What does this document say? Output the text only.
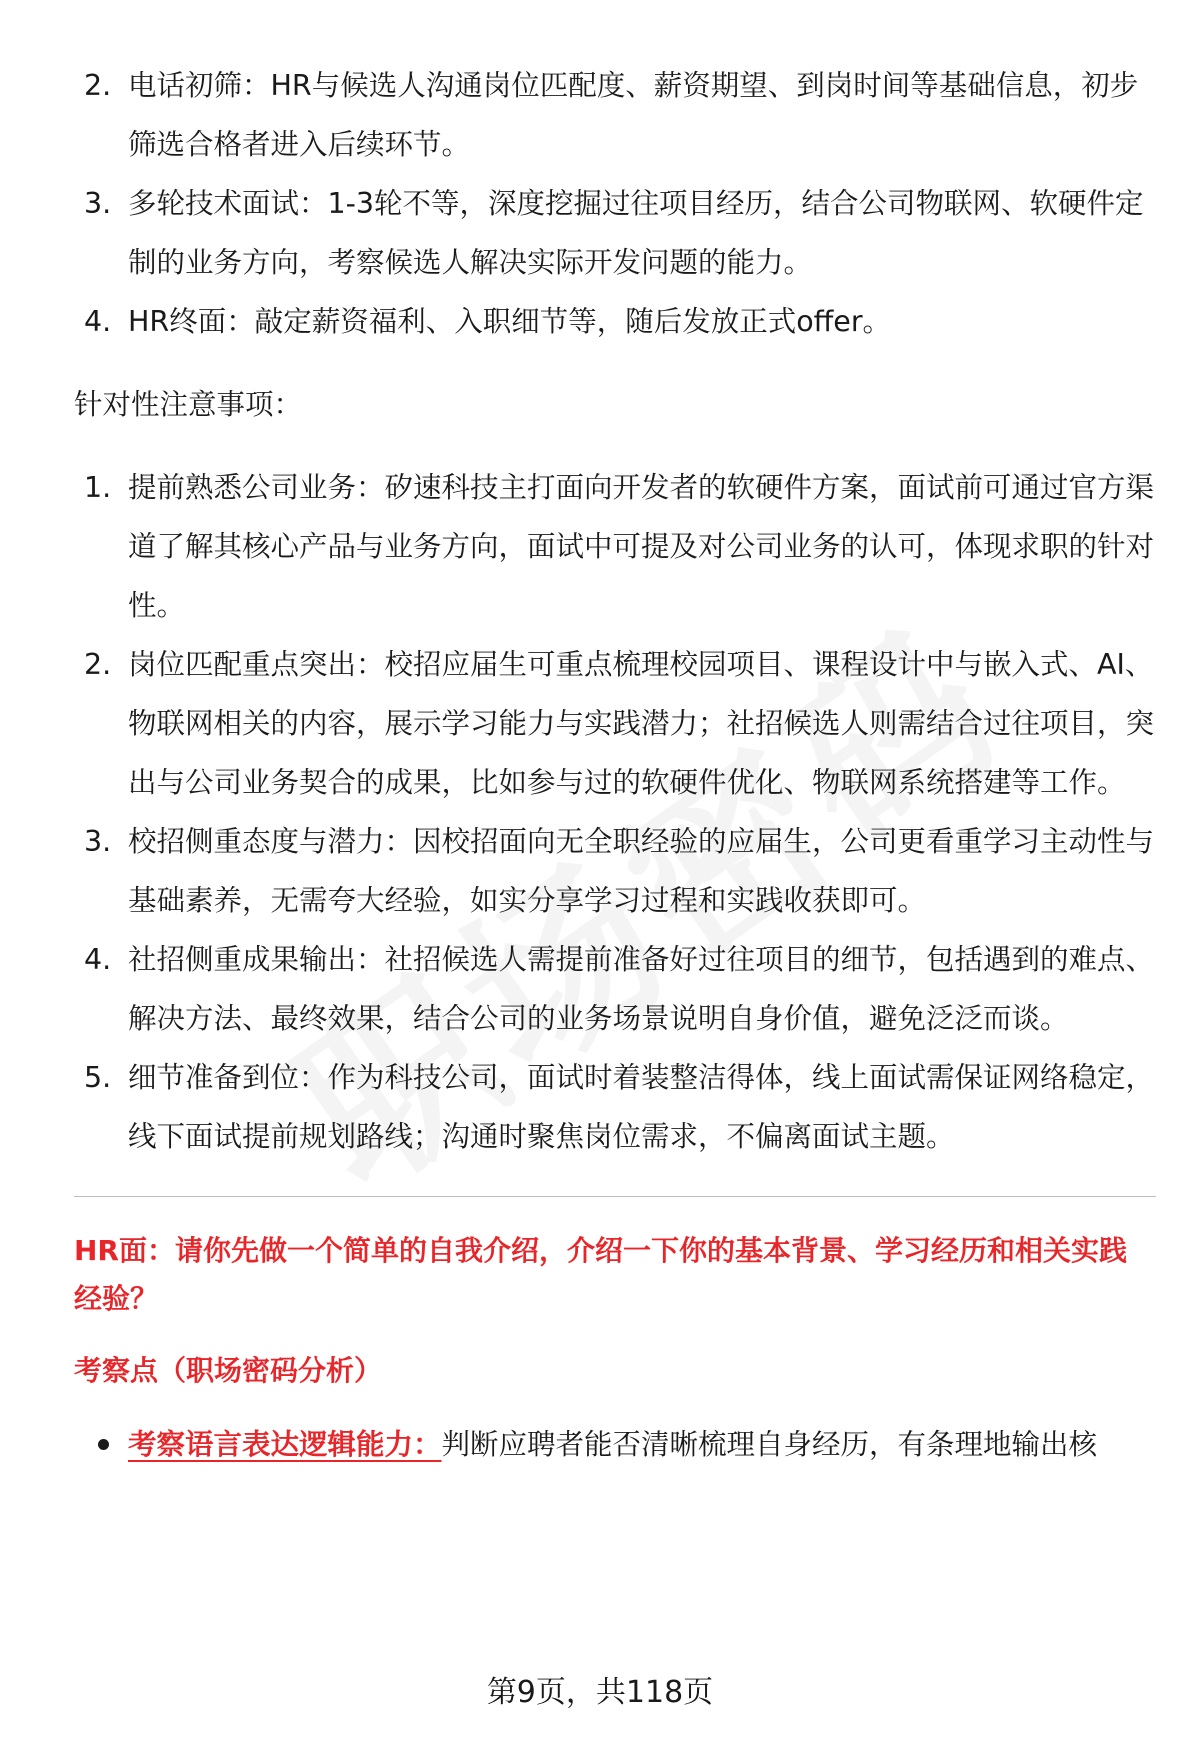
2. 电话初筛：HR与候选人沟通岗位匹配度、薪资期望、到岗时间等基础信息，初步筛选合格者进入后续环节。
3. 多轮技术面试：1-3轮不等，深度挖掘过往项目经历，结合公司物联网、软硬件定制的业务方向，考察候选人解决实际开发问题的能力。
4. HR终面：敲定薪资福利、入职细节等，随后发放正式offer。
针对性注意事项：
1. 提前熟悉公司业务：矽速科技主打面向开发者的软硬件方案，面试前可通过官方渠道了解其核心产品与业务方向，面试中可提及对公司业务的认可，体现求职的针对性。
2. 岗位匹配重点突出：校招应届生可重点梳理校园项目、课程设计中与嵌入式、AI、物联网相关的内容，展示学习能力与实践潜力；社招候选人则需结合过往项目，突出与公司业务契合的成果，比如参与过的软硬件优化、物联网系统搭建等工作。
3. 校招侧重态度与潜力：因校招面向无全职经验的应届生，公司更看重学习主动性与基础素养，无需夸大经验，如实分享学习过程和实践收获即可。
4. 社招侧重成果输出：社招候选人需提前准备好过往项目的细节，包括遇到的难点、解决方法、最终效果，结合公司的业务场景说明自身价值，避免泛泛而谈。
5. 细节准备到位：作为科技公司，面试时着装整洁得体，线上面试需保证网络稳定，线下面试提前规划路线；沟通时聚焦岗位需求，不偏离面试主题。

HR面：请你先做一个简单的自我介绍，介绍一下你的基本背景、学习经历和相关实践经验？

考察点（职场密码分析）
考察语言表达逻辑能力：判断应聘者能否清晰梳理自身经历，有条理地输出核
第9页，共118页
